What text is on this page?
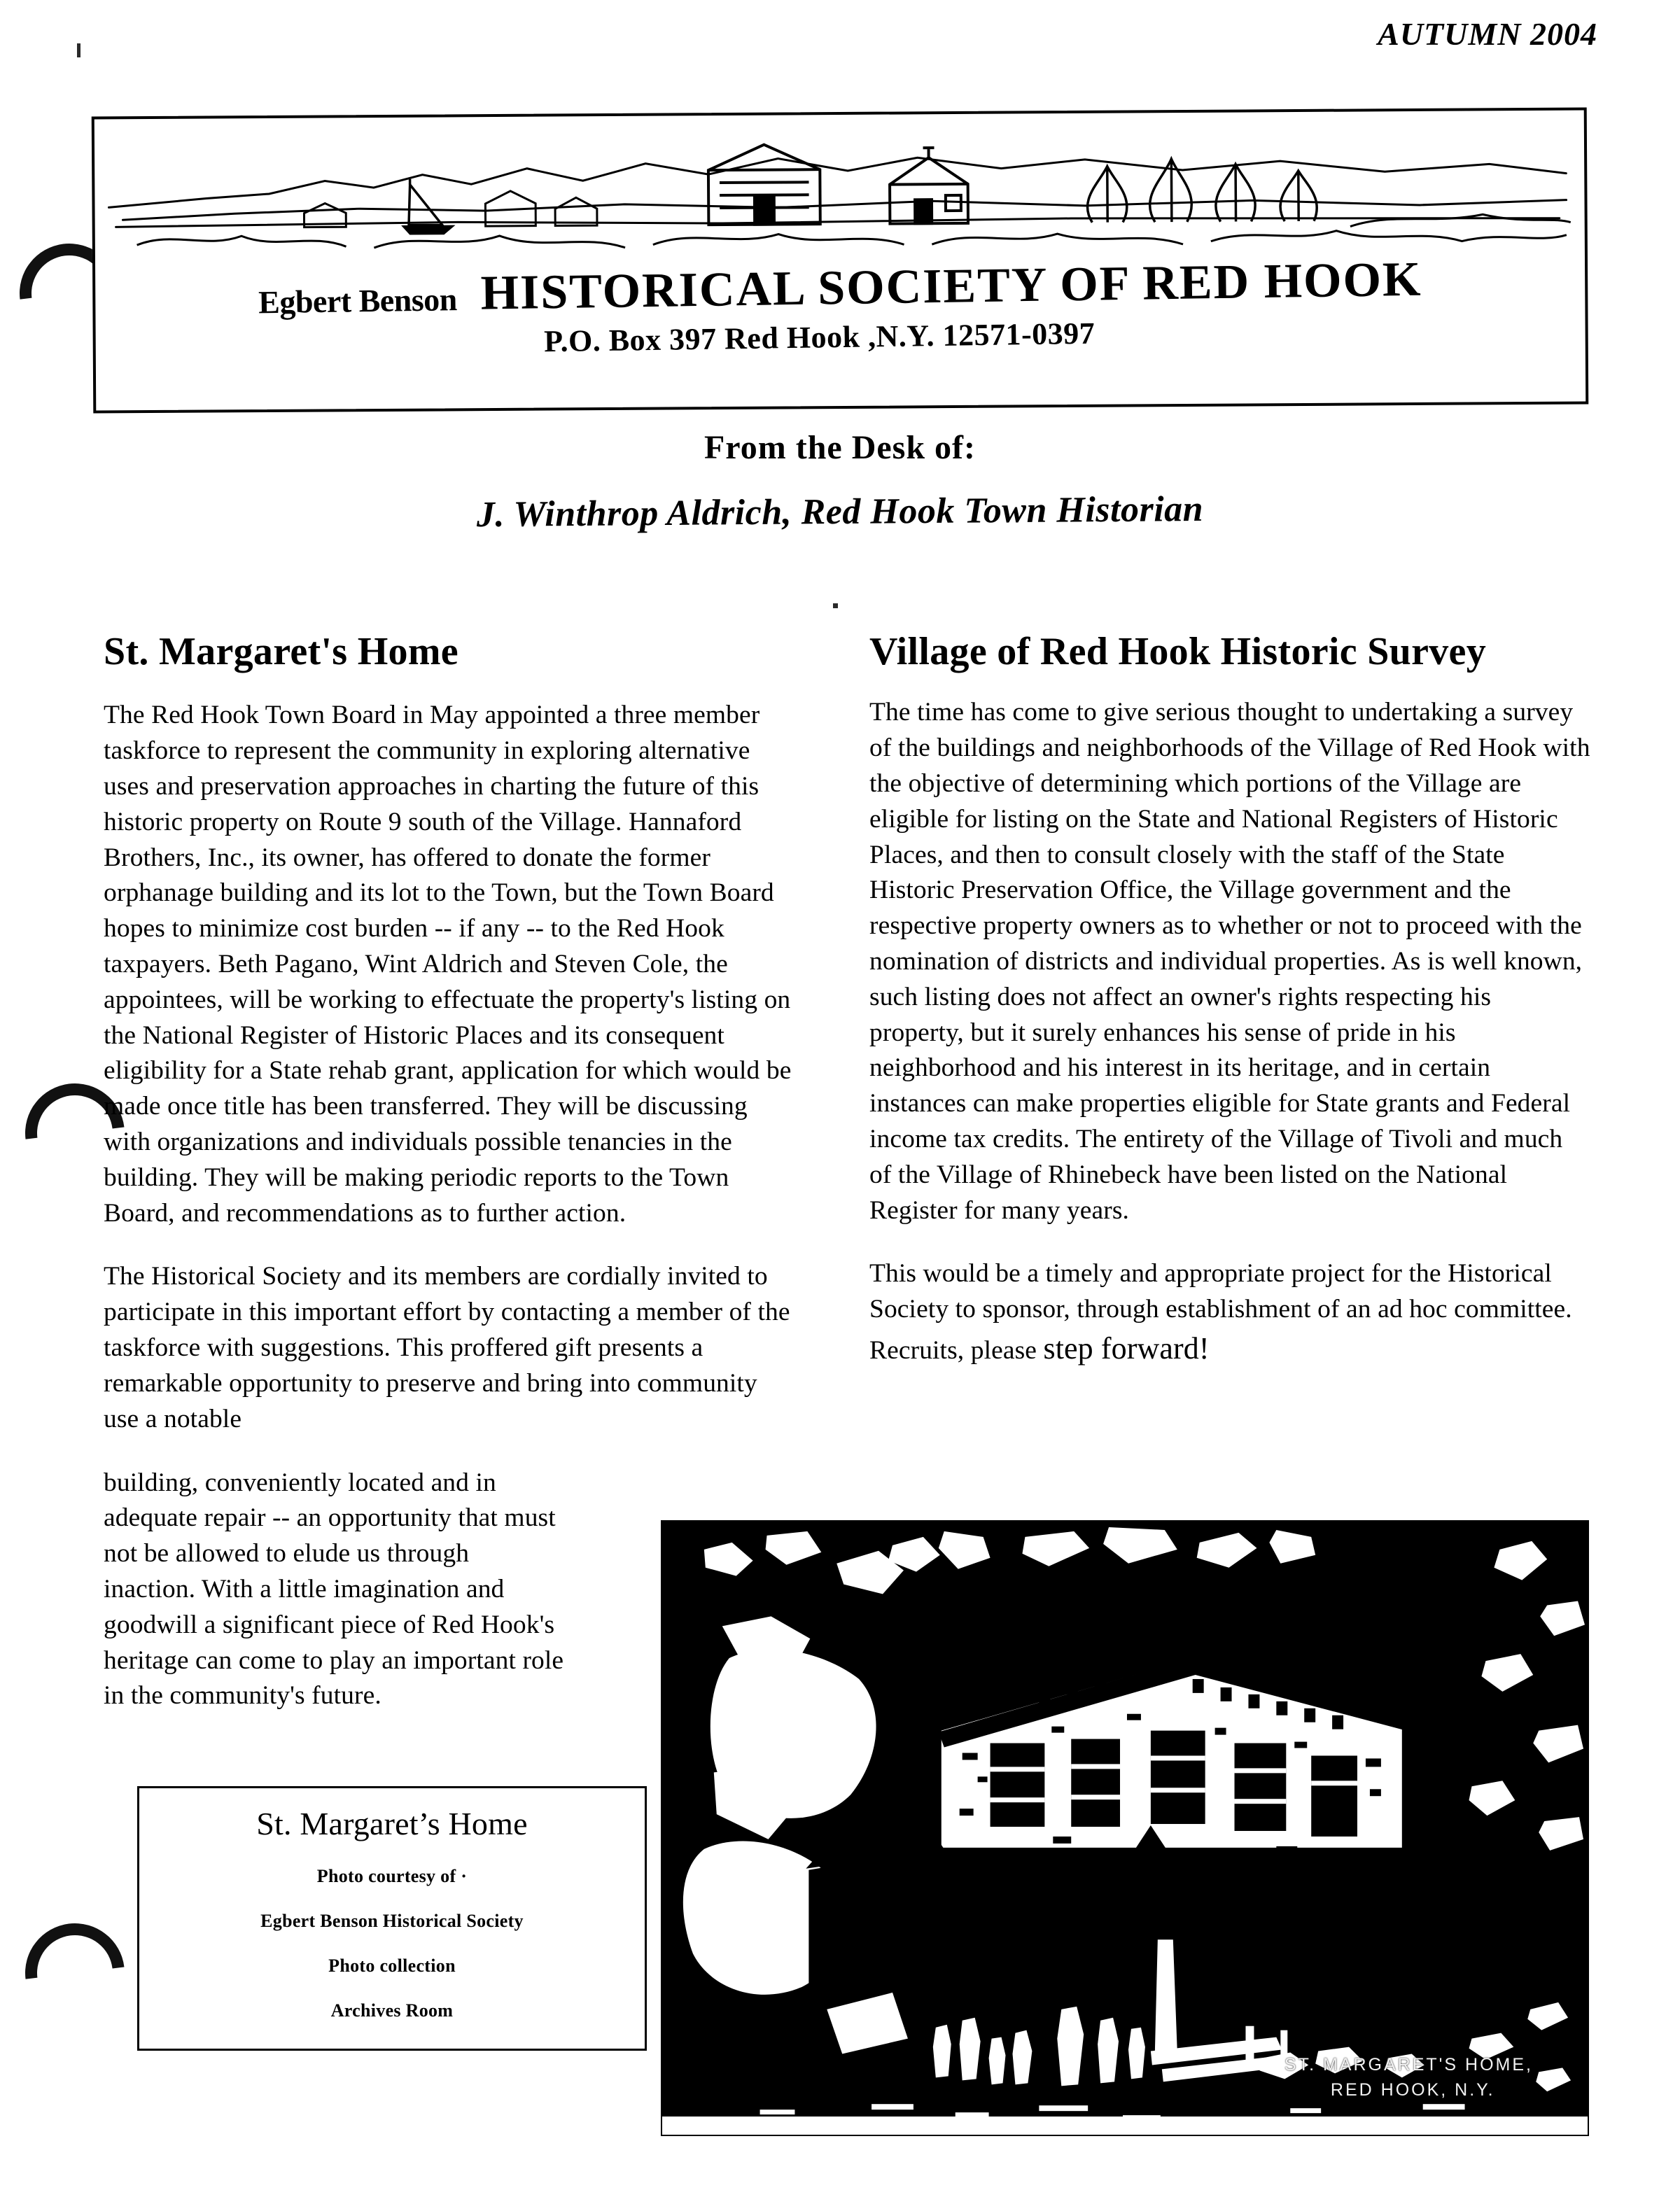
AUTUMN 2004
Egbert Benson HISTORICAL SOCIETY OF RED HOOK
P.O. Box 397 Red Hook ,N.Y. 12571-0397
From the Desk of:
J. Winthrop Aldrich, Red Hook Town Historian
St. Margaret's Home

The Red Hook Town Board in May appointed a three member taskforce to represent the community in exploring alternative uses and preservation approaches in charting the future of this historic property on Route 9 south of the Village. Hannaford Brothers, Inc., its owner, has offered to donate the former orphanage building and its lot to the Town, but the Town Board hopes to minimize cost burden -- if any -- to the Red Hook taxpayers. Beth Pagano, Wint Aldrich and Steven Cole, the appointees, will be working to effectuate the property's listing on the National Register of Historic Places and its consequent eligibility for a State rehab grant, application for which would be made once title has been transferred. They will be discussing with organizations and individuals possible tenancies in the building. They will be making periodic reports to the Town Board, and recommendations as to further action.

The Historical Society and its members are cordially invited to participate in this important effort by contacting a member of the taskforce with suggestions. This proffered gift presents a remarkable opportunity to preserve and bring into community use a notable

building, conveniently located and in adequate repair -- an opportunity that must not be allowed to elude us through inaction. With a little imagination and goodwill a significant piece of Red Hook's heritage can come to play an important role in the community's future.

Village of Red Hook Historic Survey

The time has come to give serious thought to undertaking a survey of the buildings and neighborhoods of the Village of Red Hook with the objective of determining which portions of the Village are eligible for listing on the State and National Registers of Historic Places, and then to consult closely with the staff of the State Historic Preservation Office, the Village government and the respective property owners as to whether or not to proceed with the nomination of districts and individual properties. As is well known, such listing does not affect an owner's rights respecting his property, but it surely enhances his sense of pride in his neighborhood and his interest in its heritage, and in certain instances can make properties eligible for State grants and Federal income tax credits. The entirety of the Village of Tivoli and much of the Village of Rhinebeck have been listed on the National Register for many years.

This would be a timely and appropriate project for the Historical Society to sponsor, through establishment of an ad hoc committee. Recruits, please step forward!

St. Margaret’s Home
Photo courtesy of ·
Egbert Benson Historical Society
Photo collection
Archives Room
ST. MARGARET'S HOME,
RED HOOK, N.Y.
